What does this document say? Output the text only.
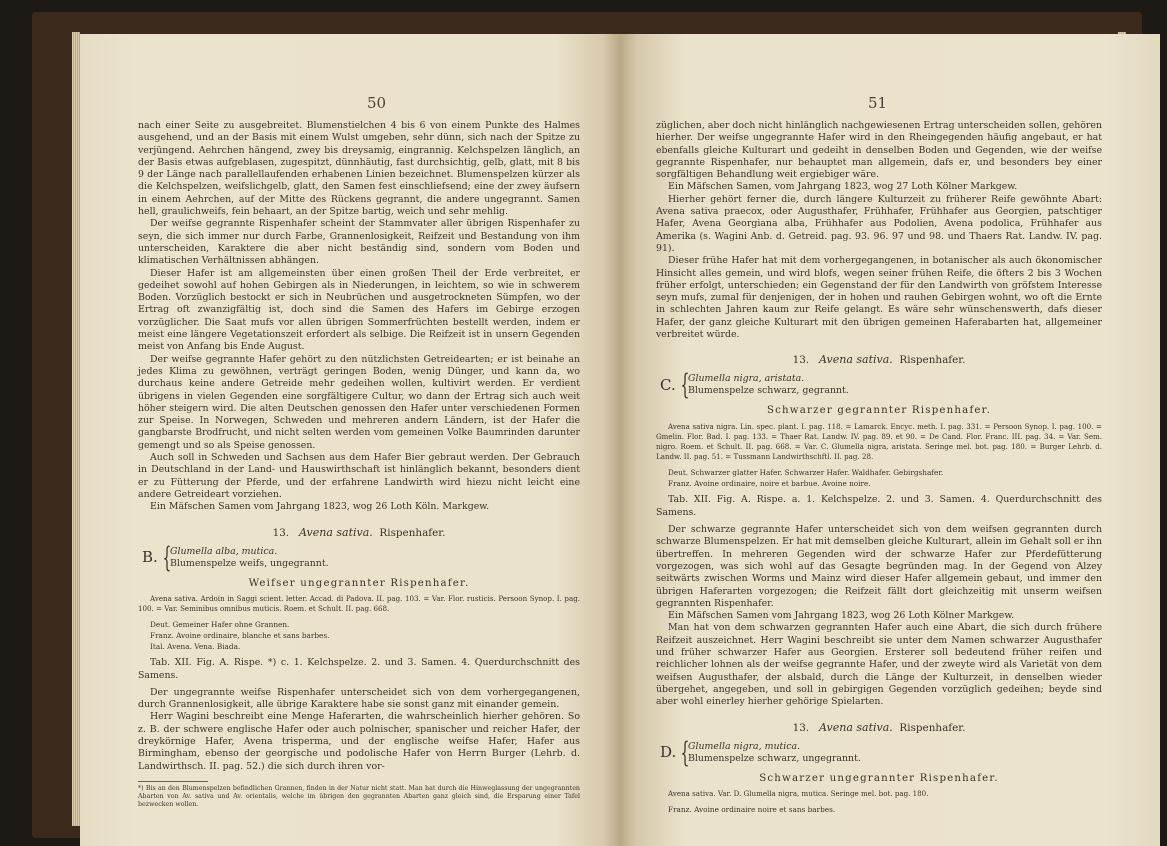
50

nach einer Seite zu ausgebreitet. Blumenstielchen 4 bis 6 von einem Punkte des Halmes ausgehend, und an der Basis mit einem Wulst umgeben, sehr dünn, sich nach der Spitze zu verjüngend. Aehrchen hängend, zwey bis dreysamig, eingrannig. Kelchspelzen länglich, an der Basis etwas aufgeblasen, zugespitzt, dünnhäutig, fast durchsichtig, gelb, glatt, mit 8 bis 9 der Länge nach parallellaufenden erhabenen Linien bezeichnet. Blumenspelzen kürzer als die Kelchspelzen, weifslichgelb, glatt, den Samen fest einschliefsend; eine der zwey äufsern in einem Aehrchen, auf der Mitte des Rückens gegrannt, die andere ungegrannt. Samen hell, graulichweifs, fein behaart, an der Spitze bartig, weich und sehr mehlig.

Der weifse gegrannte Rispenhafer scheint der Stammvater aller übrigen Rispenhafer zu seyn, die sich immer nur durch Farbe, Grannenlosigkeit, Reifzeit und Bestandung von ihm unterscheiden, Karaktere die aber nicht beständig sind, sondern vom Boden und klimatischen Verhältnissen abhängen.

Dieser Hafer ist am allgemeinsten über einen großen Theil der Erde verbreitet, er gedeihet sowohl auf hohen Gebirgen als in Niederungen, in leichtem, so wie in schwerem Boden. Vorzüglich bestockt er sich in Neubrüchen und ausgetrockneten Sümpfen, wo der Ertrag oft zwanzigfältig ist, doch sind die Samen des Hafers im Gebirge erzogen vorzüglicher. Die Saat mufs vor allen übrigen Sommerfrüchten bestellt werden, indem er meist eine längere Vegetationszeit erfordert als selbige. Die Reifzeit ist in unsern Gegenden meist von Anfang bis Ende August.

Der weifse gegrannte Hafer gehört zu den nützlichsten Getreidearten; er ist beinahe an jedes Klima zu gewöhnen, verträgt geringen Boden, wenig Dünger, und kann da, wo durchaus keine andere Getreide mehr gedeihen wollen, kultivirt werden. Er verdient übrigens in vielen Gegenden eine sorgfältigere Cultur, wo dann der Ertrag sich auch weit höher steigern wird. Die alten Deutschen genossen den Hafer unter verschiedenen Formen zur Speise. In Norwegen, Schweden und mehreren andern Ländern, ist der Hafer die gangbarste Brodfrucht, und nicht selten werden vom gemeinen Volke Baumrinden darunter gemengt und so als Speise genossen.

Auch soll in Schweden und Sachsen aus dem Hafer Bier gebraut werden. Der Gebrauch in Deutschland in der Land- und Hauswirthschaft ist hinlänglich bekannt, besonders dient er zu Fütterung der Pferde, und der erfahrene Landwirth wird hiezu nicht leicht eine andere Getreideart vorziehen.

Ein Mäfschen Samen vom Jahrgang 1823, wog 26 Loth Köln. Markgew.

13. Avena sativa. Rispenhafer.
B. {
Glumella alba, mutica.
Blumenspelze weifs, ungegrannt.
Weifser ungegrannter Rispenhafer.

Avena sativa. Ardoin in Saggi scient. letter. Accad. di Padova. II. pag. 103. = Var. Flor. rusticis. Persoon Synop. I. pag. 100. = Var. Seminibus omnibus muticis. Roem. et Schult. II. pag. 668.

Deut. Gemeiner Hafer ohne Grannen.

Franz. Avoine ordinaire, blanche et sans barbes.

Ital. Avena. Vena. Biada.

Tab. XII. Fig. A. Rispe. *) c. 1. Kelchspelze. 2. und 3. Samen. 4. Querdurchschnitt des Samens.

Der ungegrannte weifse Rispenhafer unterscheidet sich von dem vorhergegangenen, durch Grannenlosigkeit, alle übrige Karaktere habe sie sonst ganz mit einander gemein.

Herr Wagini beschreibt eine Menge Haferarten, die wahrscheinlich hierher gehören. So z. B. der schwere englische Hafer oder auch polnischer, spanischer und reicher Hafer, der dreykörnige Hafer, Avena trisperma, und der englische weifse Hafer, Hafer aus Birmingham, ebenso der georgische und podolische Hafer von Herrn Burger (Lehrb. d. Landwirthsch. II. pag. 52.) die sich durch ihren vor-

*) Bis an den Blumenspelzen befindlichen Grannen, finden in der Natur nicht statt. Man hat durch die Hinweglassung der ungegrannten Abarten von Av. sativa und Av. orientalis, welche im übrigen den gegrannten Abarten ganz gleich sind, die Ersparung einer Tafel bezwecken wollen.

51

züglichen, aber doch nicht hinlänglich nachgewiesenen Ertrag unterscheiden sollen, gehören hierher. Der weifse ungegrannte Hafer wird in den Rheingegenden häufig angebaut, er hat ebenfalls gleiche Kulturart und gedeiht in denselben Boden und Gegenden, wie der weifse gegrannte Rispenhafer, nur behauptet man allgemein, dafs er, und besonders bey einer sorgfältigen Behandlung weit ergiebiger wäre.

Ein Mäfschen Samen, vom Jahrgang 1823, wog 27 Loth Kölner Markgew.

Hierher gehört ferner die, durch längere Kulturzeit zu früherer Reife gewöhnte Abart: Avena sativa praecox, oder Augusthafer, Frühhafer, Frühhafer aus Georgien, patschtiger Hafer, Avena Georgiana alba, Frühhafer aus Podolien, Avena podolica, Frühhafer aus Amerika (s. Wagini Anb. d. Getreid. pag. 93. 96. 97 und 98. und Thaers Rat. Landw. IV. pag. 91).

Dieser frühe Hafer hat mit dem vorhergegangenen, in botanischer als auch ökonomischer Hinsicht alles gemein, und wird blofs, wegen seiner frühen Reife, die öfters 2 bis 3 Wochen früher erfolgt, unterschieden; ein Gegenstand der für den Landwirth von gröfstem Interesse seyn mufs, zumal für denjenigen, der in hohen und rauhen Gebirgen wohnt, wo oft die Ernte in schlechten Jahren kaum zur Reife gelangt. Es wäre sehr wünschenswerth, dafs dieser Hafer, der ganz gleiche Kulturart mit den übrigen gemeinen Haferabarten hat, allgemeiner verbreitet würde.

13. Avena sativa. Rispenhafer.
C. {
Glumella nigra, aristata.
Blumenspelze schwarz, gegrannt.
Schwarzer gegrannter Rispenhafer.

Avena sativa nigra. Lin. spec. plant. I. pag. 118. = Lamarck. Encyc. meth. I. pag. 331. = Persoon Synop. I. pag. 100. = Gmelin. Flor. Bad. I. pag. 133. = Thaer Rat. Landw. IV. pag. 89. et 90. = De Cand. Flor. Franc. III. pag. 34. = Var. Sem. nigro. Roem. et Schult. II. pag. 668. = Var. C. Glumella nigra, aristata. Seringe mel. bot. pag. 180. = Burger Lehrb. d. Landw. II. pag. 51. = Tussmann Landwirthschftl. II. pag. 28.

Deut. Schwarzer glatter Hafer. Schwarzer Hafer. Waldhafer. Gebirgshafer.

Franz. Avoine ordinaire, noire et barbue. Avoine noire.

Tab. XII. Fig. A. Rispe. a. 1. Kelchspelze. 2. und 3. Samen. 4. Querdurchschnitt des Samens.

Der schwarze gegrannte Hafer unterscheidet sich von dem weifsen gegrannten durch schwarze Blumenspelzen. Er hat mit demselben gleiche Kulturart, allein im Gehalt soll er ihn übertreffen. In mehreren Gegenden wird der schwarze Hafer zur Pferdefütterung vorgezogen, was sich wohl auf das Gesagte begründen mag. In der Gegend von Alzey seitwärts zwischen Worms und Mainz wird dieser Hafer allgemein gebaut, und immer den übrigen Haferarten vorgezogen; die Reifzeit fällt dort gleichzeitig mit unserm weifsen gegrannten Rispenhafer.

Ein Mäfschen Samen vom Jahrgang 1823, wog 26 Loth Kölner Markgew.

Man hat von dem schwarzen gegrannten Hafer auch eine Abart, die sich durch frühere Reifzeit auszeichnet. Herr Wagini beschreibt sie unter dem Namen schwarzer Augusthafer und früher schwarzer Hafer aus Georgien. Ersterer soll bedeutend früher reifen und reichlicher lohnen als der weifse gegrannte Hafer, und der zweyte wird als Varietät von dem weifsen Augusthafer, der alsbald, durch die Länge der Kulturzeit, in denselben wieder übergehet, angegeben, und soll in gebirgigen Gegenden vorzüglich gedeihen; beyde sind aber wohl einerley hierher gehörige Spielarten.

13. Avena sativa. Rispenhafer.
D. {
Glumella nigra, mutica.
Blumenspelze schwarz, ungegrannt.
Schwarzer ungegrannter Rispenhafer.

Avena sativa. Var. D. Glumella nigra, mutica. Seringe mel. bot. pag. 180.

Franz. Avoine ordinaire noire et sans barbes.
